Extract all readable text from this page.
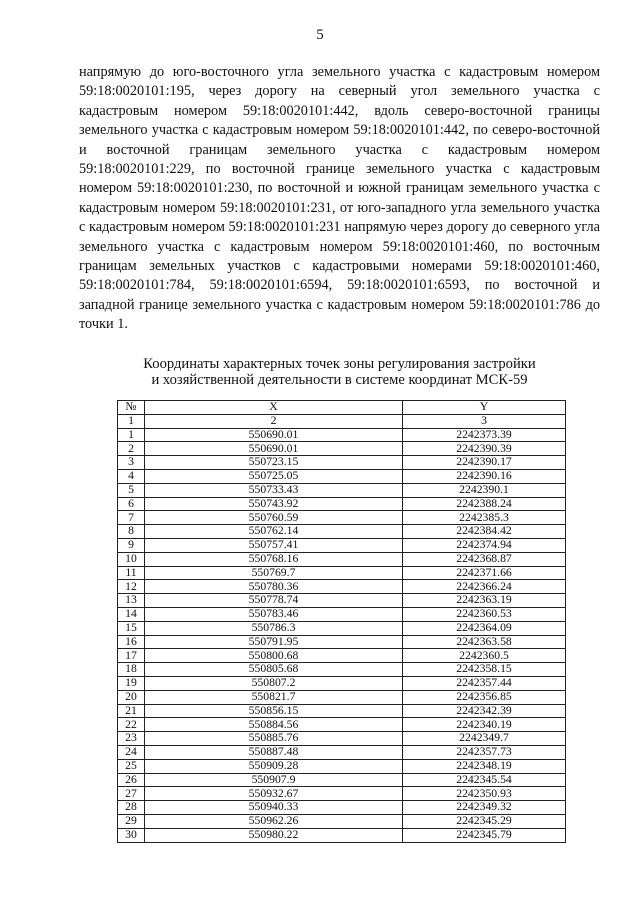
5
напрямую до юго-восточного угла земельного участка с кадастровым номером 59:18:0020101:195, через дорогу на северный угол земельного участка с кадастровым номером 59:18:0020101:442, вдоль северо-восточной границы земельного участка с кадастровым номером 59:18:0020101:442, по северо-восточной и восточной границам земельного участка с кадастровым номером 59:18:0020101:229, по восточной границе земельного участка с кадастровым номером 59:18:0020101:230, по восточной и южной границам земельного участка с кадастровым номером 59:18:0020101:231, от юго-западного угла земельного участка с кадастровым номером 59:18:0020101:231 напрямую через дорогу до северного угла земельного участка с кадастровым номером 59:18:0020101:460, по восточным границам земельных участков с кадастровыми номерами 59:18:0020101:460, 59:18:0020101:784, 59:18:0020101:6594, 59:18:0020101:6593, по восточной и западной границе земельного участка с кадастровым номером 59:18:0020101:786 до точки 1.
Координаты характерных точек зоны регулирования застройки
и хозяйственной деятельности в системе координат МСК-59
№	X	Y
1	2	3
1	550690.01	2242373.39
2	550690.01	2242390.39
3	550723.15	2242390.17
4	550725.05	2242390.16
5	550733.43	2242390.1
6	550743.92	2242388.24
7	550760.59	2242385.3
8	550762.14	2242384.42
9	550757.41	2242374.94
10	550768.16	2242368.87
11	550769.7	2242371.66
12	550780.36	2242366.24
13	550778.74	2242363.19
14	550783.46	2242360.53
15	550786.3	2242364.09
16	550791.95	2242363.58
17	550800.68	2242360.5
18	550805.68	2242358.15
19	550807.2	2242357.44
20	550821.7	2242356.85
21	550856.15	2242342.39
22	550884.56	2242340.19
23	550885.76	2242349.7
24	550887.48	2242357.73
25	550909.28	2242348.19
26	550907.9	2242345.54
27	550932.67	2242350.93
28	550940.33	2242349.32
29	550962.26	2242345.29
30	550980.22	2242345.79
